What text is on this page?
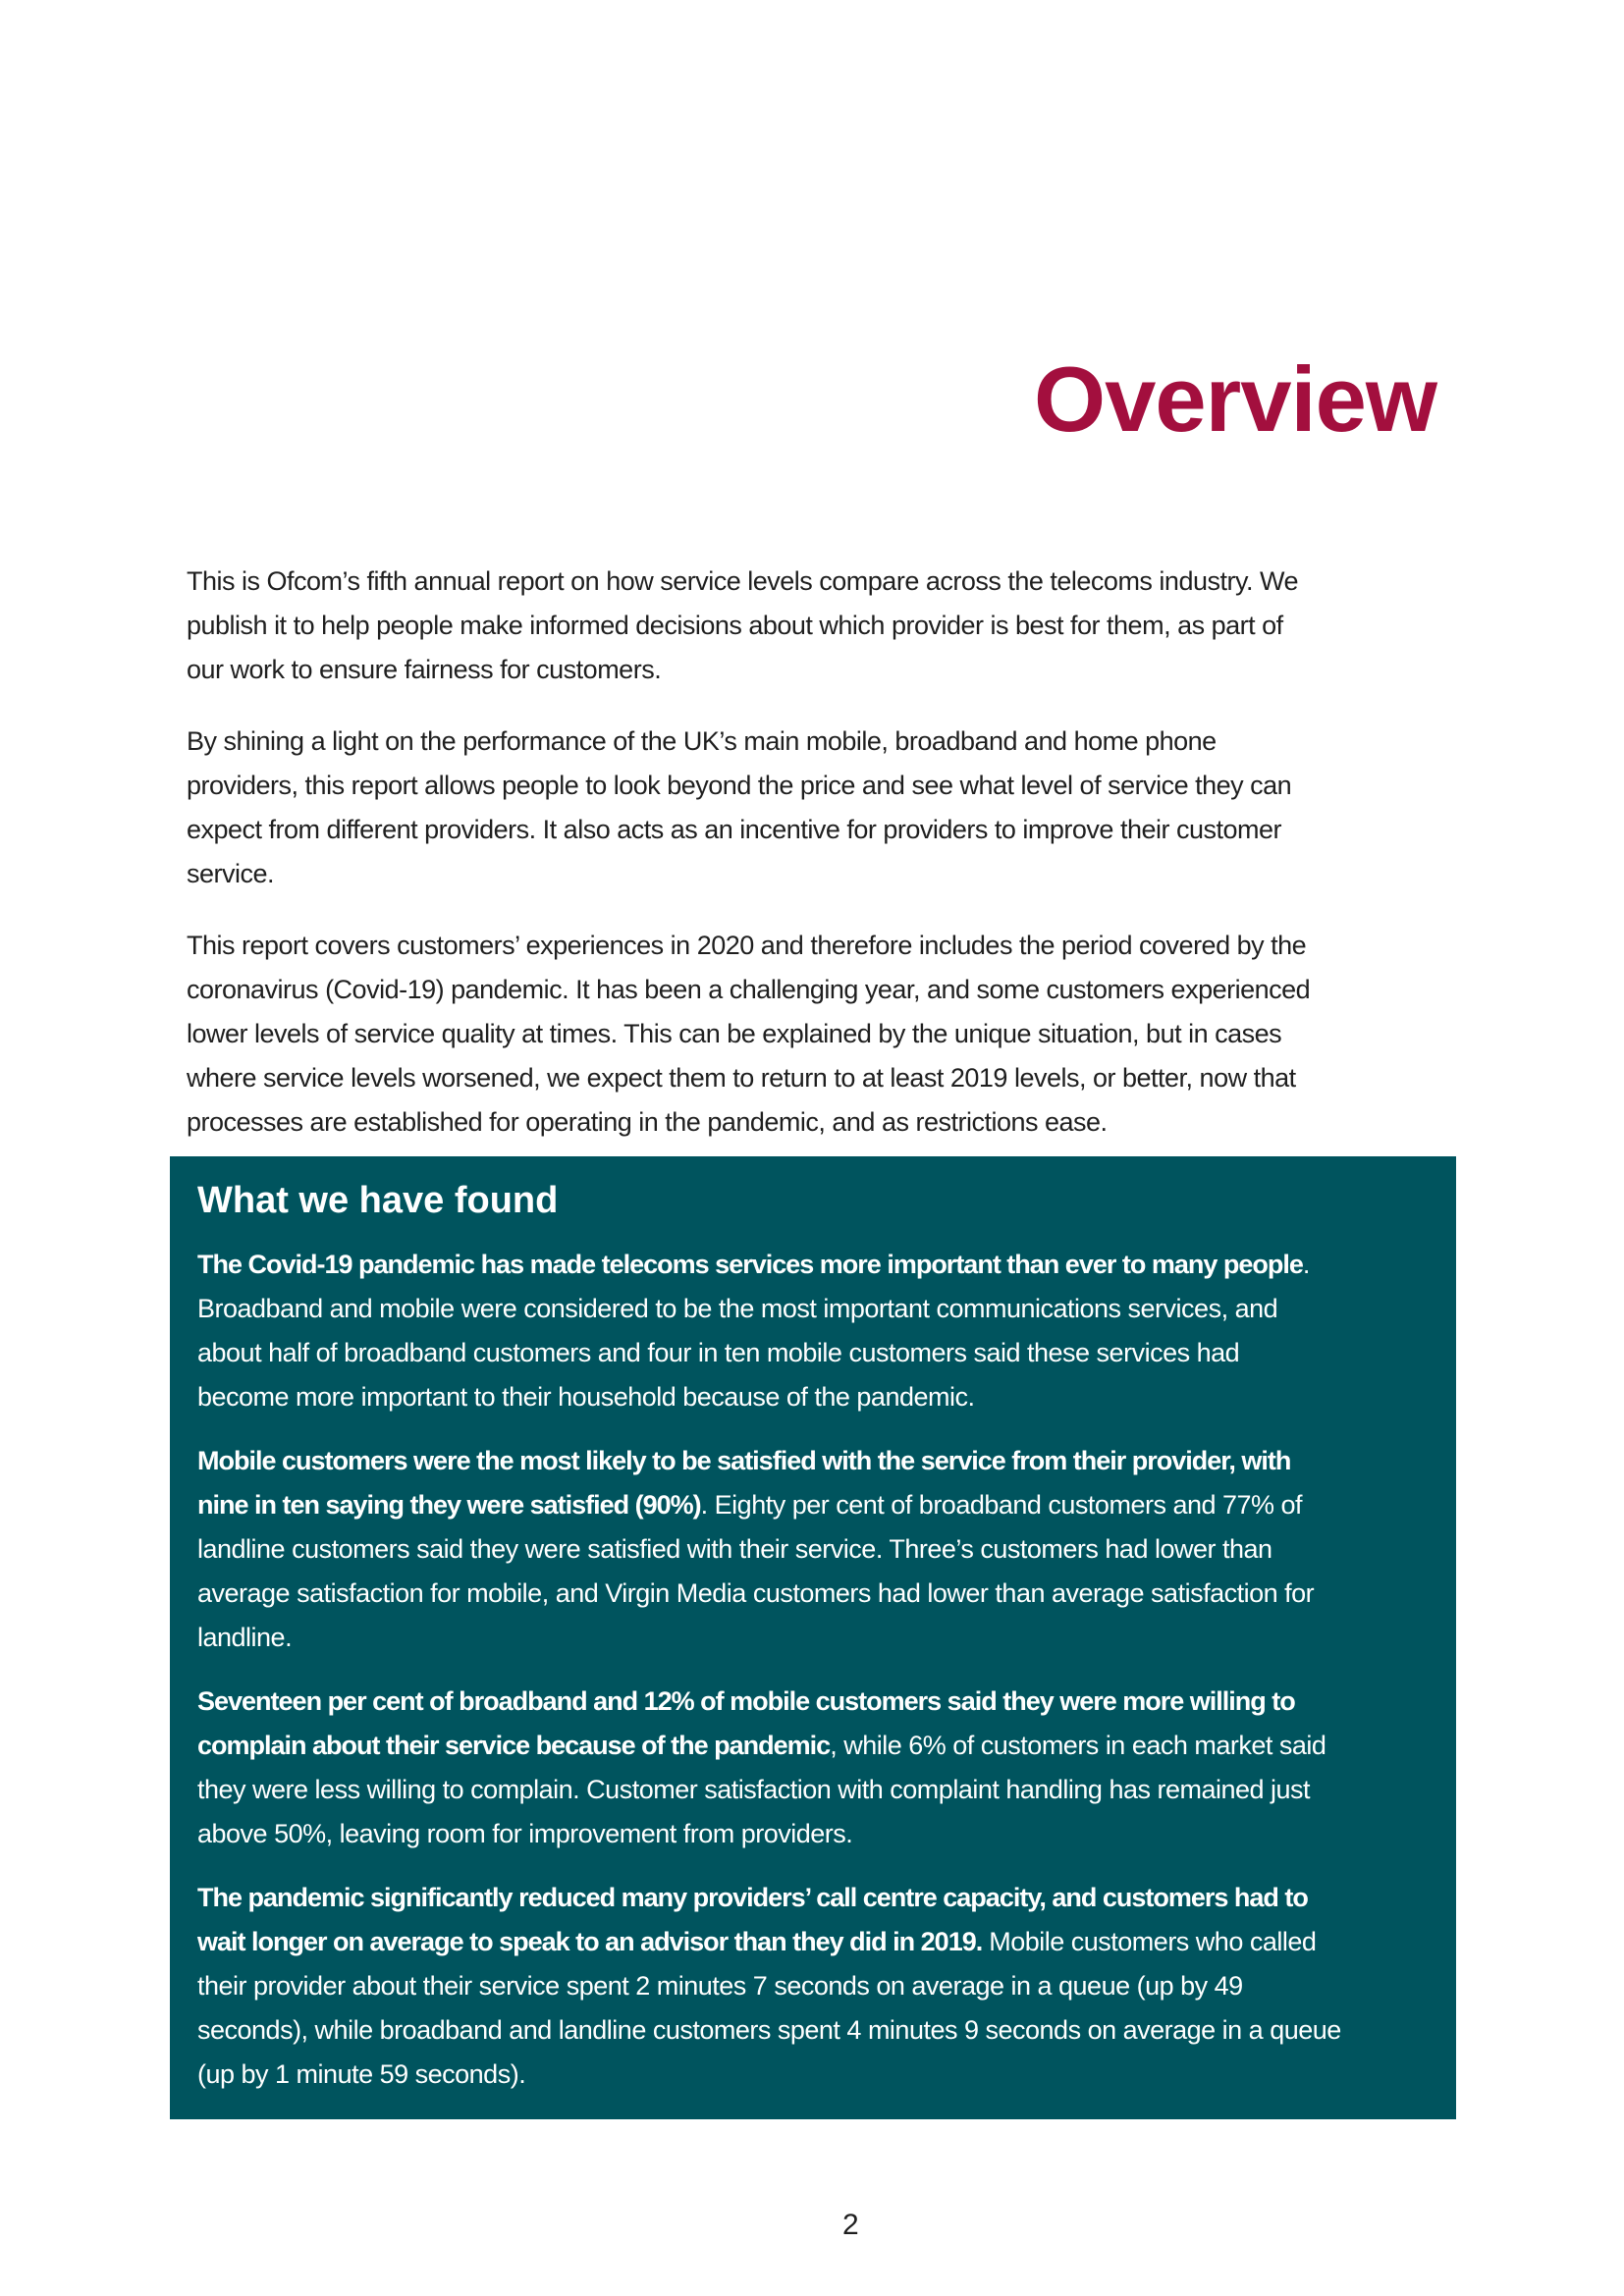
Overview
This is Ofcom’s fifth annual report on how service levels compare across the telecoms industry. We
publish it to help people make informed decisions about which provider is best for them, as part of
our work to ensure fairness for customers.
By shining a light on the performance of the UK’s main mobile, broadband and home phone
providers, this report allows people to look beyond the price and see what level of service they can
expect from different providers. It also acts as an incentive for providers to improve their customer
service.
This report covers customers’ experiences in 2020 and therefore includes the period covered by the
coronavirus (Covid-19) pandemic. It has been a challenging year, and some customers experienced
lower levels of service quality at times. This can be explained by the unique situation, but in cases
where service levels worsened, we expect them to return to at least 2019 levels, or better, now that
processes are established for operating in the pandemic, and as restrictions ease.
What we have found
The Covid-19 pandemic has made telecoms services more important than ever to many people.
Broadband and mobile were considered to be the most important communications services, and
about half of broadband customers and four in ten mobile customers said these services had
become more important to their household because of the pandemic.
Mobile customers were the most likely to be satisfied with the service from their provider, with
nine in ten saying they were satisfied (90%). Eighty per cent of broadband customers and 77% of
landline customers said they were satisfied with their service. Three’s customers had lower than
average satisfaction for mobile, and Virgin Media customers had lower than average satisfaction for
landline.
Seventeen per cent of broadband and 12% of mobile customers said they were more willing to
complain about their service because of the pandemic, while 6% of customers in each market said
they were less willing to complain. Customer satisfaction with complaint handling has remained just
above 50%, leaving room for improvement from providers.
The pandemic significantly reduced many providers’ call centre capacity, and customers had to
wait longer on average to speak to an advisor than they did in 2019. Mobile customers who called
their provider about their service spent 2 minutes 7 seconds on average in a queue (up by 49
seconds), while broadband and landline customers spent 4 minutes 9 seconds on average in a queue
(up by 1 minute 59 seconds).
2
